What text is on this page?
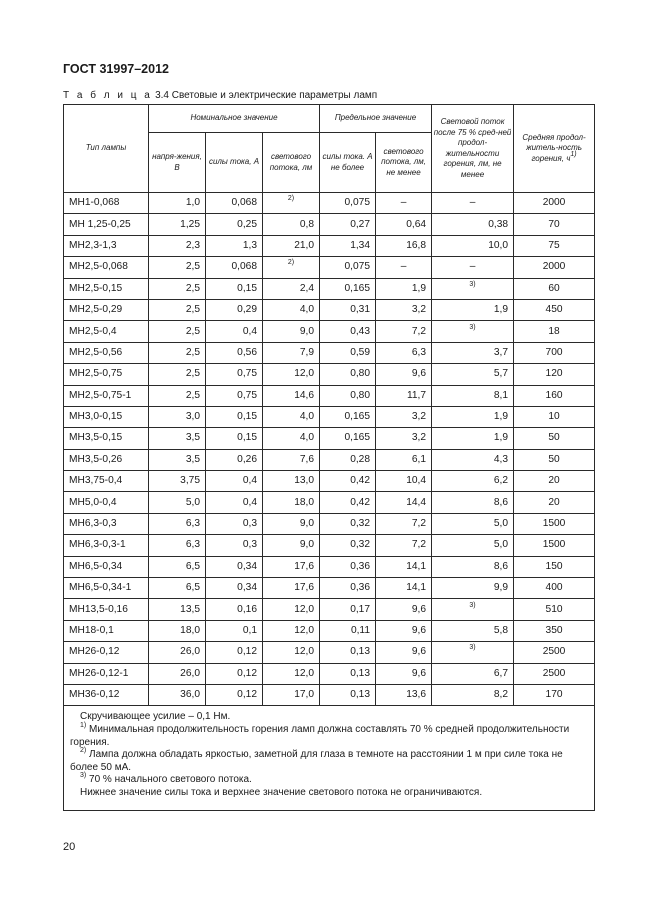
ГОСТ 31997–2012

Т а б л и ц а 3.4 Световые и электрические параметры ламп

Тип лампы	Номинальное значение			Предельное значение		Световой поток после 75 % сред-ней продол-жительности горения, лм, не менее	Средняя продол-житель-ность горения, ч$^{1)}$
	напря-жения, В	силы тока, А	светового потока, лм	силы тока. А не более	светового потока, лм, не менее		
МН1-0,068	1,0	0,068	$^{2)}$	0,075	–	–	2000
МН 1,25-0,25	1,25	0,25	0,8	0,27	0,64	0,38	70
МН2,3-1,3	2,3	1,3	21,0	1,34	16,8	10,0	75
МН2,5-0,068	2,5	0,068	$^{2)}$	0,075	–	–	2000
МН2,5-0,15	2,5	0,15	2,4	0,165	1,9	$^{3)}$	60
МН2,5-0,29	2,5	0,29	4,0	0,31	3,2	1,9	450
МН2,5-0,4	2,5	0,4	9,0	0,43	7,2	$^{3)}$	18
МН2,5-0,56	2,5	0,56	7,9	0,59	6,3	3,7	700
МН2,5-0,75	2,5	0,75	12,0	0,80	9,6	5,7	120
МН2,5-0,75-1	2,5	0,75	14,6	0,80	11,7	8,1	160
МН3,0-0,15	3,0	0,15	4,0	0,165	3,2	1,9	10
МН3,5-0,15	3,5	0,15	4,0	0,165	3,2	1,9	50
МН3,5-0,26	3,5	0,26	7,6	0,28	6,1	4,3	50
МН3,75-0,4	3,75	0,4	13,0	0,42	10,4	6,2	20
МН5,0-0,4	5,0	0,4	18,0	0,42	14,4	8,6	20
МН6,3-0,3	6,3	0,3	9,0	0,32	7,2	5,0	1500
МН6,3-0,3-1	6,3	0,3	9,0	0,32	7,2	5,0	1500
МН6,5-0,34	6,5	0,34	17,6	0,36	14,1	8,6	150
МН6,5-0,34-1	6,5	0,34	17,6	0,36	14,1	9,9	400
МН13,5-0,16	13,5	0,16	12,0	0,17	9,6	$^{3)}$	510
МН18-0,1	18,0	0,1	12,0	0,11	9,6	5,8	350
МН26-0,12	26,0	0,12	12,0	0,13	9,6	$^{3)}$	2500
МН26-0,12-1	26,0	0,12	12,0	0,13	9,6	6,7	2500
МН36-0,12	36,0	0,12	17,0	0,13	13,6	8,2	170

Скручивающее усилие – 0,1 Нм.

$^{1)}$ Минимальная продолжительность горения ламп должна составлять 70 % средней продолжительности горения.

$^{2)}$ Лампа должна обладать яркостью, заметной для глаза в темноте на расстоянии 1 м при силе тока не более 50 мА.

$^{3)}$ 70 % начального светового потока.

Нижнее значение силы тока и верхнее значение светового потока не ограничиваются.							

20
